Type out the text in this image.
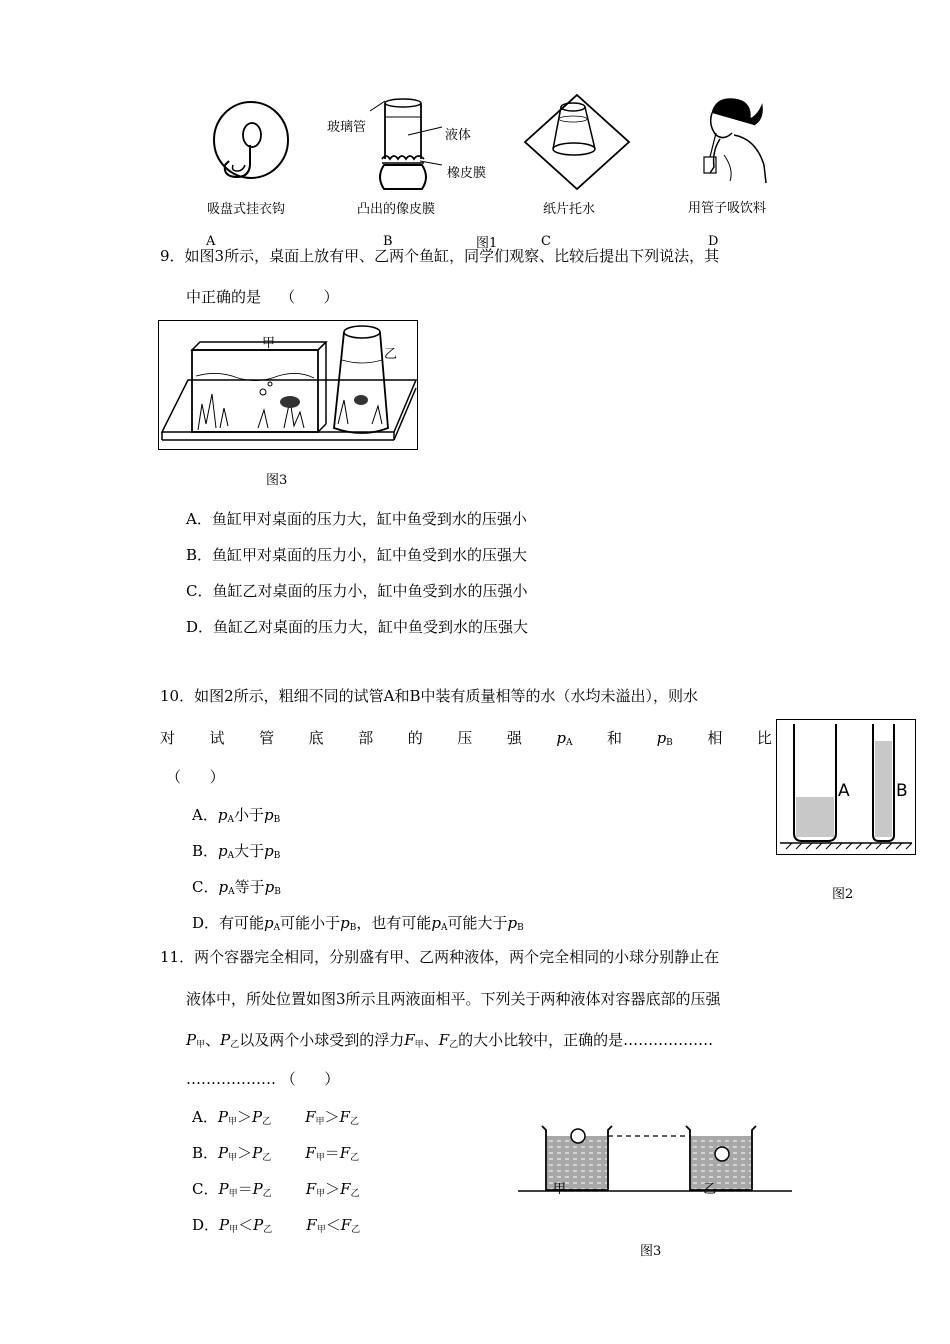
玻璃管
液体
橡皮膜
吸盘式挂衣钩	凸出的像皮膜	纸片托水	用管子吸饮料
A	B	图1	C	D
9．如图3所示，桌面上放有甲、乙两个鱼缸，同学们观察、比较后提出下列说法，其
中正确的是    （      ）
甲
乙
图3
A．鱼缸甲对桌面的压力大，缸中鱼受到水的压强小
B．鱼缸甲对桌面的压力小，缸中鱼受到水的压强大
C．鱼缸乙对桌面的压力小，缸中鱼受到水的压强小
D．鱼缸乙对桌面的压力大，缸中鱼受到水的压强大
10．如图2所示，粗细不同的试管A和B中装有质量相等的水（水均未溢出），则水
对 试 管 底 部 的 压 强 $p_A$ 和 $p_B$ 相 比
（      ）
A．$p_A$小于$p_B$
B．$p_A$大于$p_B$
C．$p_A$等于$p_B$
D．有可能$p_A$可能小于$p_B$，也有可能$p_A$可能大于$p_B$
A	B
图2
11．两个容器完全相同，分别盛有甲、乙两种液体，两个完全相同的小球分别静止在
液体中，所处位置如图3所示且两液面相平。下列关于两种液体对容器底部的压强
$P_甲$、$P_乙$以及两个小球受到的浮力$F_甲$、$F_乙$的大小比较中，正确的是………………
……………… （      ）
A．$P_甲>P_乙$ $F_甲>F_乙$
B．$P_甲>P_乙$ $F_甲=F_乙$
C．$P_甲=P_乙$ $F_甲>F_乙$
D．$P_甲<P_乙$ $F_甲<F_乙$
甲	乙
图3
